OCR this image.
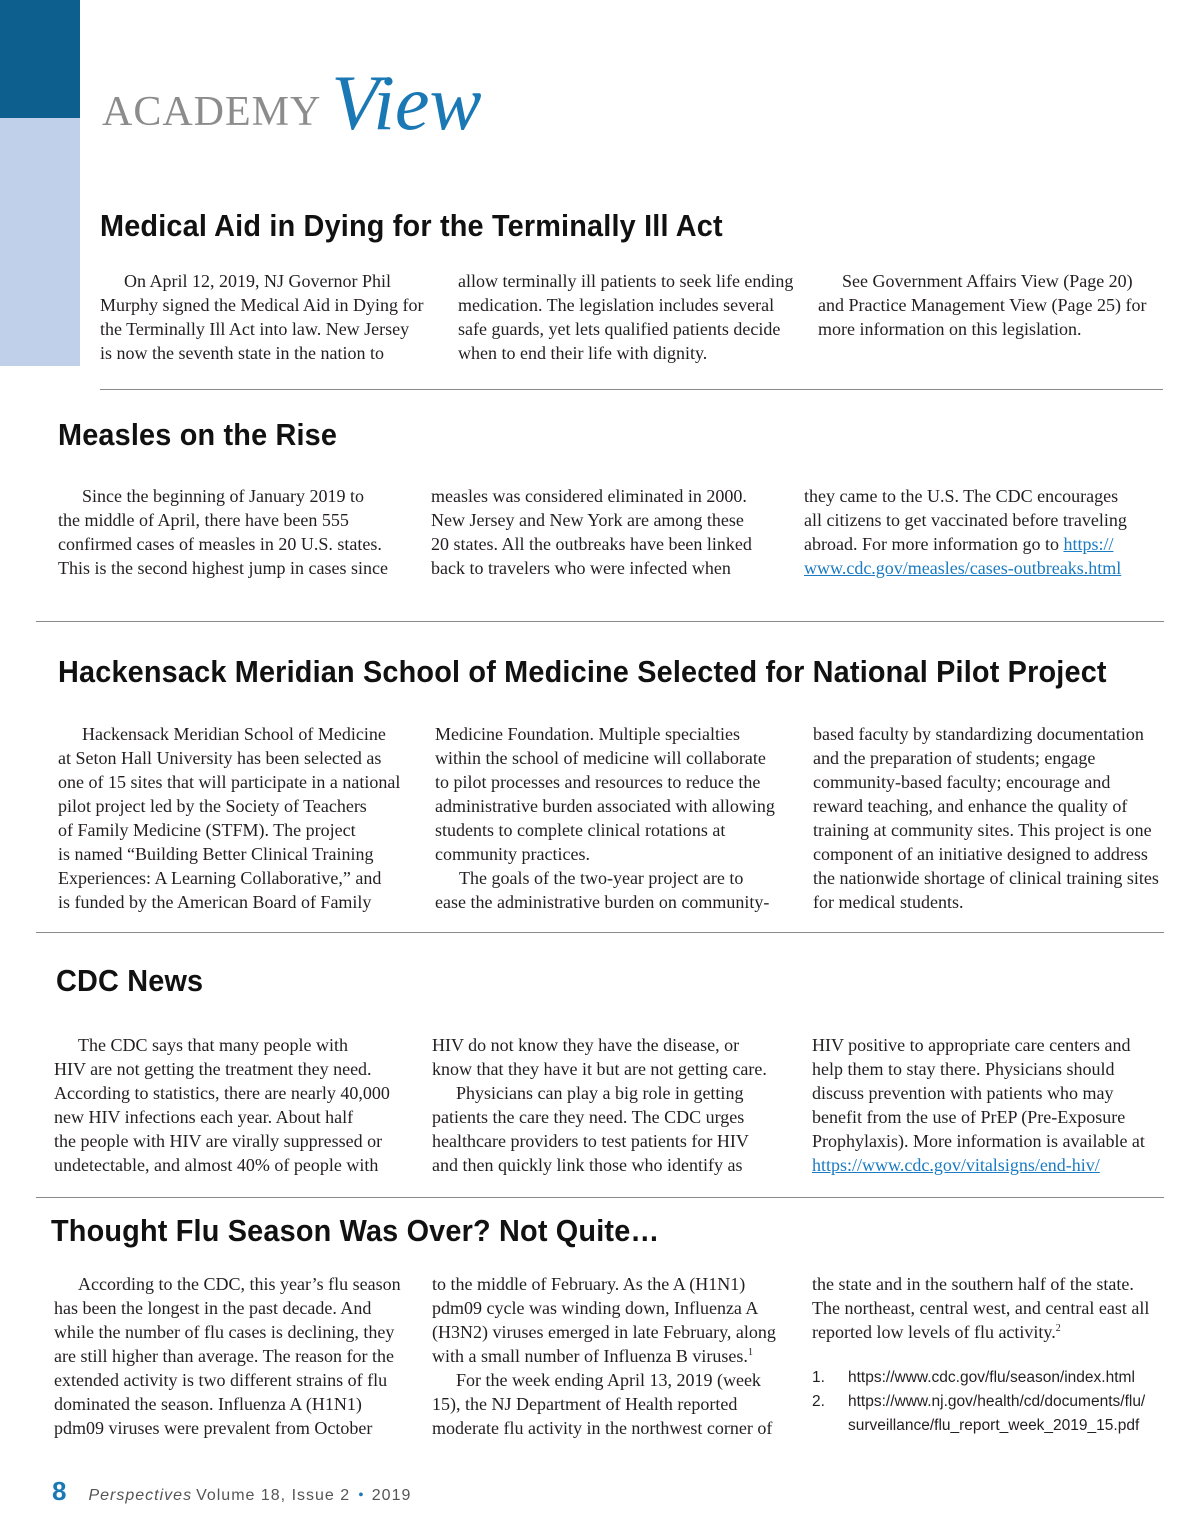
ACADEMY View
Medical Aid in Dying for the Terminally Ill Act
On April 12, 2019, NJ Governor Phil
Murphy signed the Medical Aid in Dying for
the Terminally Ill Act into law. New Jersey
is now the seventh state in the nation to
allow terminally ill patients to seek life ending
medication. The legislation includes several
safe guards, yet lets qualified patients decide
when to end their life with dignity.
See Government Affairs View (Page 20)
and Practice Management View (Page 25) for
more information on this legislation.
Measles on the Rise
Since the beginning of January 2019 to
the middle of April, there have been 555
confirmed cases of measles in 20 U.S. states.
This is the second highest jump in cases since
measles was considered eliminated in 2000.
New Jersey and New York are among these
20 states. All the outbreaks have been linked
back to travelers who were infected when
they came to the U.S. The CDC encourages
all citizens to get vaccinated before traveling
abroad. For more information go to https://
www.cdc.gov/measles/cases-outbreaks.html
Hackensack Meridian School of Medicine Selected for National Pilot Project
Hackensack Meridian School of Medicine
at Seton Hall University has been selected as
one of 15 sites that will participate in a national
pilot project led by the Society of Teachers
of Family Medicine (STFM). The project
is named “Building Better Clinical Training
Experiences: A Learning Collaborative,” and
is funded by the American Board of Family
Medicine Foundation. Multiple specialties
within the school of medicine will collaborate
to pilot processes and resources to reduce the
administrative burden associated with allowing
students to complete clinical rotations at
community practices.
The goals of the two-year project are to
ease the administrative burden on community-
based faculty by standardizing documentation
and the preparation of students; engage
community-based faculty; encourage and
reward teaching, and enhance the quality of
training at community sites. This project is one
component of an initiative designed to address
the nationwide shortage of clinical training sites
for medical students.
CDC News
The CDC says that many people with
HIV are not getting the treatment they need.
According to statistics, there are nearly 40,000
new HIV infections each year. About half
the people with HIV are virally suppressed or
undetectable, and almost 40% of people with
HIV do not know they have the disease, or
know that they have it but are not getting care.
Physicians can play a big role in getting
patients the care they need. The CDC urges
healthcare providers to test patients for HIV
and then quickly link those who identify as
HIV positive to appropriate care centers and
help them to stay there. Physicians should
discuss prevention with patients who may
benefit from the use of PrEP (Pre-Exposure
Prophylaxis). More information is available at
https://www.cdc.gov/vitalsigns/end-hiv/
Thought Flu Season Was Over? Not Quite…
According to the CDC, this year’s flu season
has been the longest in the past decade. And
while the number of flu cases is declining, they
are still higher than average. The reason for the
extended activity is two different strains of flu
dominated the season. Influenza A (H1N1)
pdm09 viruses were prevalent from October
to the middle of February. As the A (H1N1)
pdm09 cycle was winding down, Influenza A
(H3N2) viruses emerged in late February, along
with a small number of Influenza B viruses.$^1$
For the week ending April 13, 2019 (week
15), the NJ Department of Health reported
moderate flu activity in the northwest corner of
the state and in the southern half of the state.
The northeast, central west, and central east all
reported low levels of flu activity.$^2$
1. https://www.cdc.gov/flu/season/index.html
2. https://www.nj.gov/health/cd/documents/flu/
surveillance/flu_report_week_2019_15.pdf
8 Perspectives Volume 18, Issue 2 • 2019
